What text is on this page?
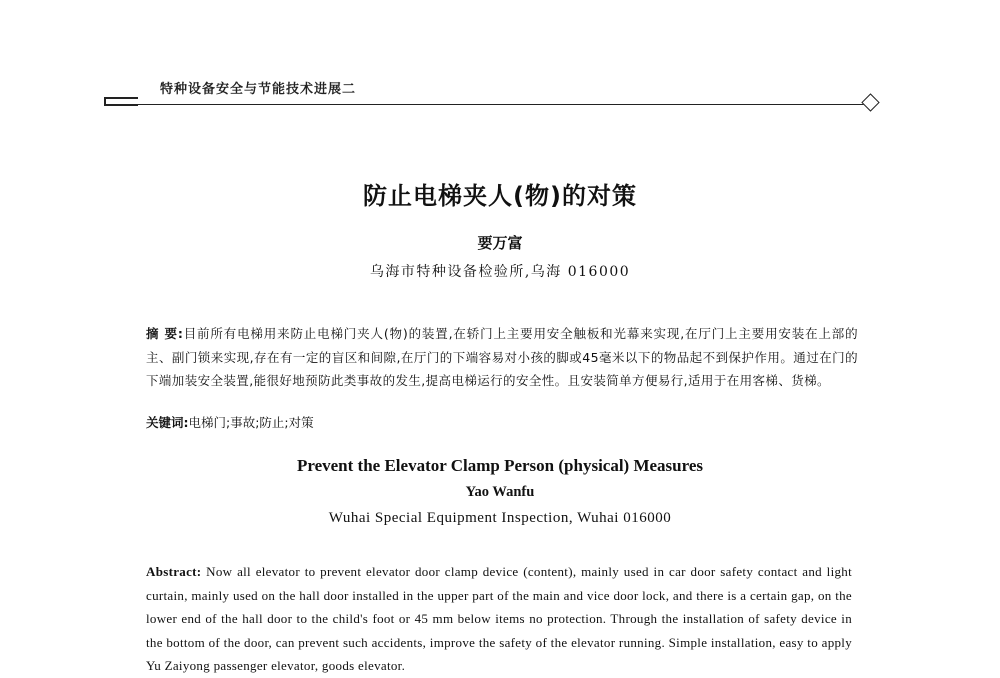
特种设备安全与节能技术进展二
防止电梯夹人(物)的对策
要万富
乌海市特种设备检验所,乌海 016000
摘 要:目前所有电梯用来防止电梯门夹人(物)的装置,在轿门上主要用安全触板和光幕来实现,在厅门上主要用安装在上部的主、副门锁来实现,存在有一定的盲区和间隙,在厅门的下端容易对小孩的脚或45毫米以下的物品起不到保护作用。通过在门的下端加装安全装置,能很好地预防此类事故的发生,提高电梯运行的安全性。且安装简单方便易行,适用于在用客梯、货梯。
关键词:电梯门;事故;防止;对策
Prevent the Elevator Clamp Person (physical) Measures
Yao Wanfu
Wuhai Special Equipment Inspection, Wuhai 016000
Abstract: Now all elevator to prevent elevator door clamp device (content), mainly used in car door safety contact and light curtain, mainly used on the hall door installed in the upper part of the main and vice door lock, and there is a certain gap, on the lower end of the hall door to the child's foot or 45 mm below items no protection. Through the installation of safety device in the bottom of the door, can prevent such accidents, improve the safety of the elevator running. Simple installation, easy to apply Yu Zaiyong passenger elevator, goods elevator.
